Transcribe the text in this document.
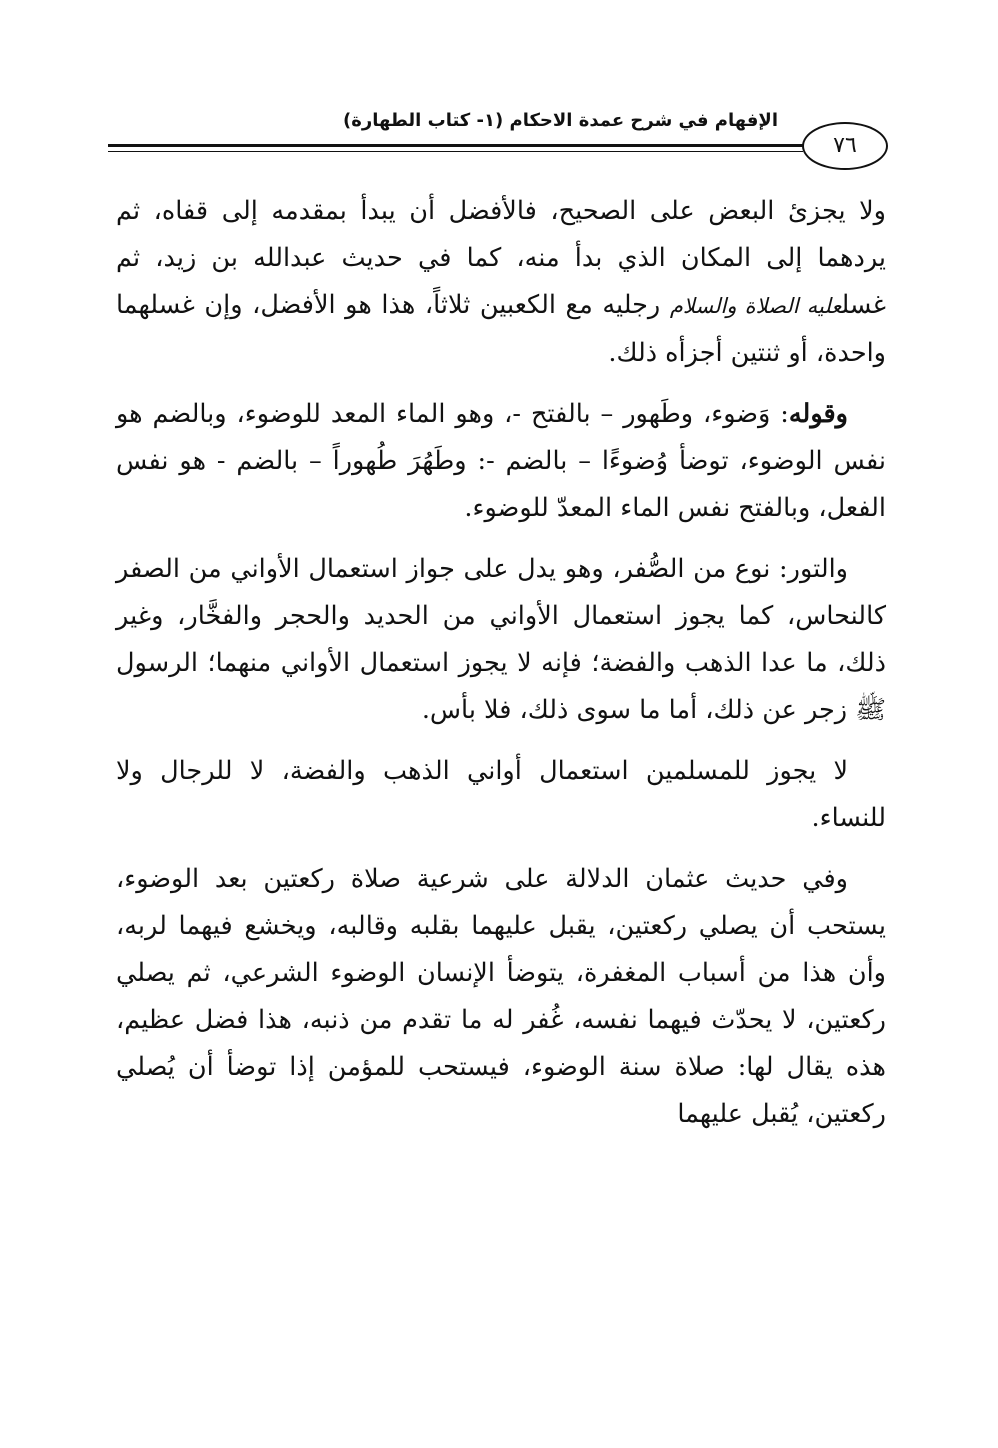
الإفهام في شرح عمدة الاحكام (١- كتاب الطهارة)
٧٦

ولا يجزئ البعض على الصحيح، فالأفضل أن يبدأ بمقدمه إلى قفاه، ثم يردهما إلى المكان الذي بدأ منه، كما في حديث عبدالله بن زيد، ثم غسلعليه الصلاة والسلام رجليه مع الكعبين ثلاثاً، هذا هو الأفضل، وإن غسلهما واحدة، أو ثنتين أجزأه ذلك.

وقوله: وَضوء، وطَهور – بالفتح -، وهو الماء المعد للوضوء، وبالضم هو نفس الوضوء، توضأ وُضوءًا – بالضم -: وطَهُرَ طُهوراً – بالضم - هو نفس الفعل، وبالفتح نفس الماء المعدّ للوضوء.

والتور: نوع من الصُّفر، وهو يدل على جواز استعمال الأواني من الصفر كالنحاس، كما يجوز استعمال الأواني من الحديد والحجر والفخَّار، وغير ذلك، ما عدا الذهب والفضة؛ فإنه لا يجوز استعمال الأواني منهما؛ الرسول ﷺ زجر عن ذلك، أما ما سوى ذلك، فلا بأس.

لا يجوز للمسلمين استعمال أواني الذهب والفضة، لا للرجال ولا للنساء.

وفي حديث عثمان الدلالة على شرعية صلاة ركعتين بعد الوضوء، يستحب أن يصلي ركعتين، يقبل عليهما بقلبه وقالبه، ويخشع فيهما لربه، وأن هذا من أسباب المغفرة، يتوضأ الإنسان الوضوء الشرعي، ثم يصلي ركعتين، لا يحدّث فيهما نفسه، غُفر له ما تقدم من ذنبه، هذا فضل عظيم، هذه يقال لها: صلاة سنة الوضوء، فيستحب للمؤمن إذا توضأ أن يُصلي ركعتين، يُقبل عليهما
